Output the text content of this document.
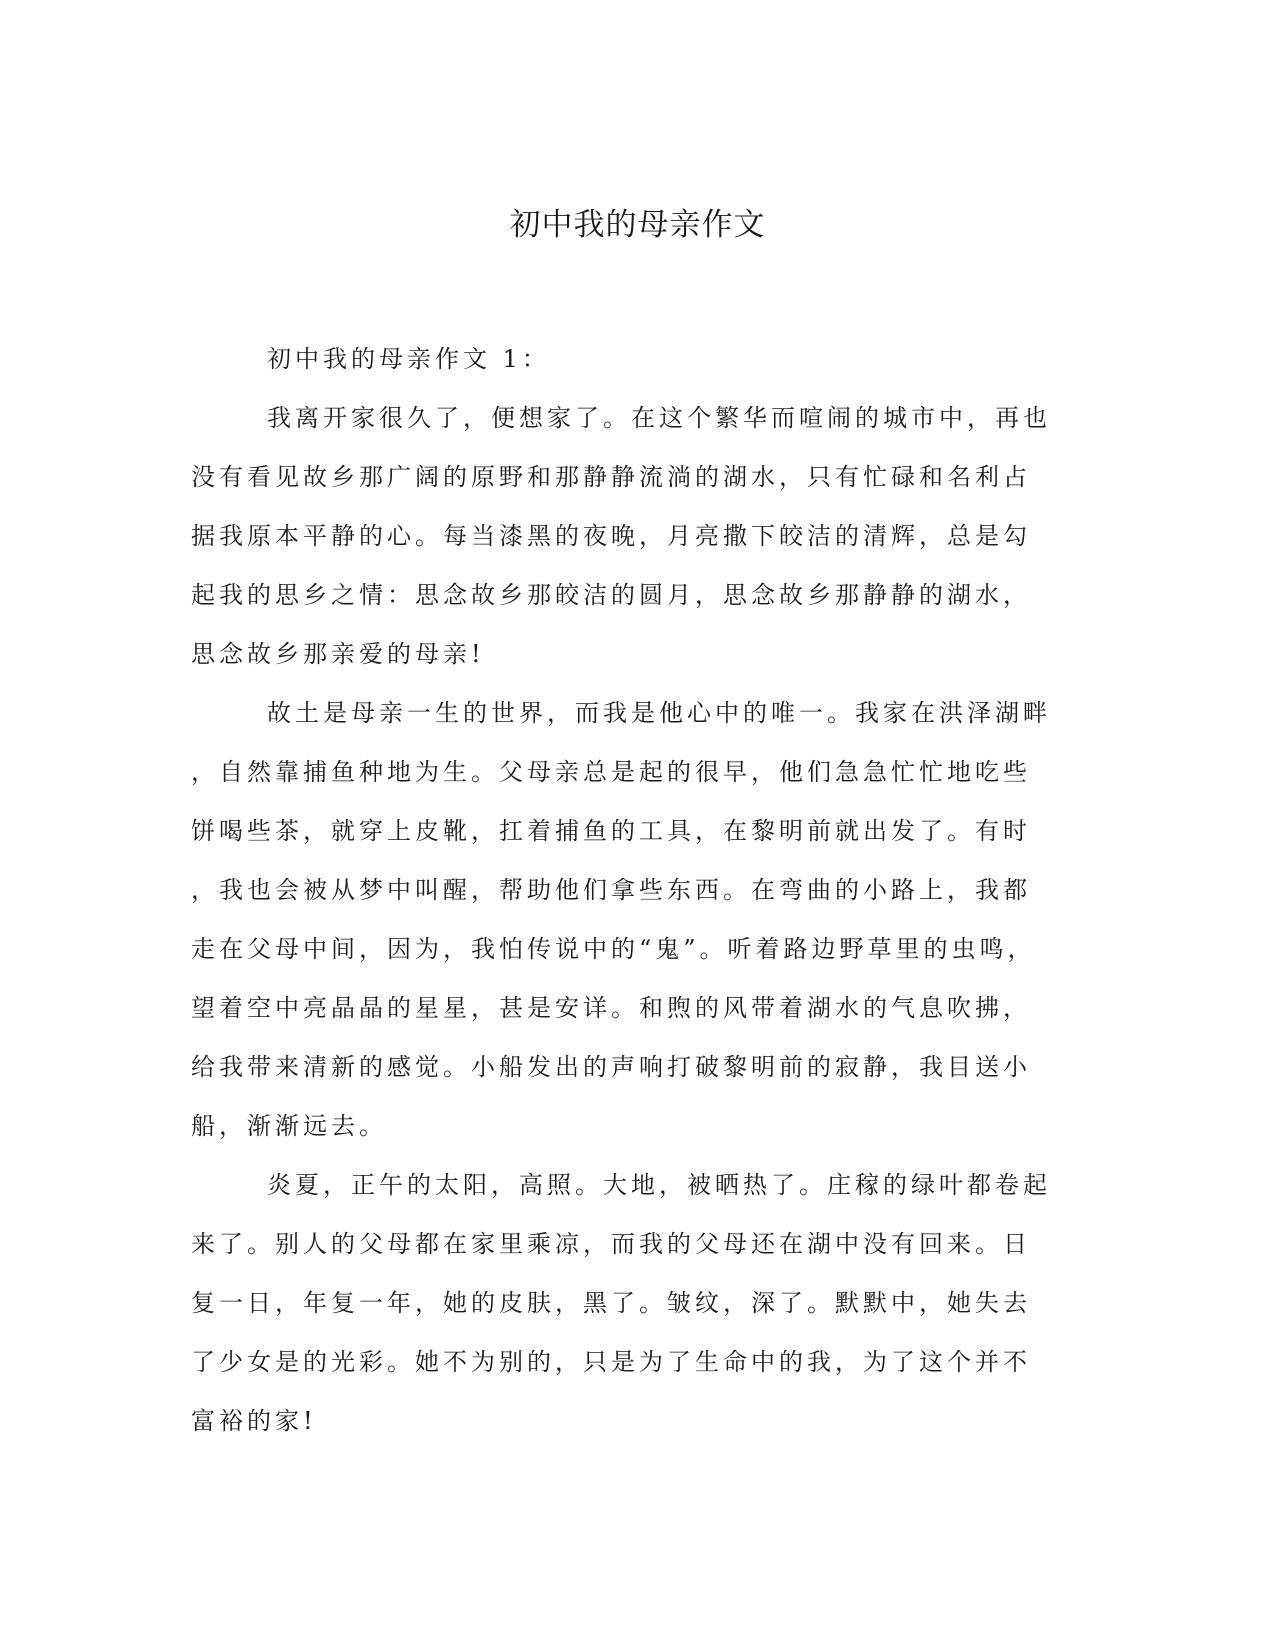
初中我的母亲作文

初中我的母亲作文 1：

我离开家很久了，便想家了。在这个繁华而喧闹的城市中，再也
没有看见故乡那广阔的原野和那静静流淌的湖水，只有忙碌和名利占
据我原本平静的心。每当漆黑的夜晚，月亮撒下皎洁的清辉，总是勾
起我的思乡之情：思念故乡那皎洁的圆月，思念故乡那静静的湖水，
思念故乡那亲爱的母亲!

故土是母亲一生的世界，而我是他心中的唯一。我家在洪泽湖畔
，自然靠捕鱼种地为生。父母亲总是起的很早，他们急急忙忙地吃些
饼喝些茶，就穿上皮靴，扛着捕鱼的工具，在黎明前就出发了。有时
，我也会被从梦中叫醒，帮助他们拿些东西。在弯曲的小路上，我都
走在父母中间，因为，我怕传说中的“鬼”。听着路边野草里的虫鸣，
望着空中亮晶晶的星星，甚是安详。和煦的风带着湖水的气息吹拂，
给我带来清新的感觉。小船发出的声响打破黎明前的寂静，我目送小
船，渐渐远去。

炎夏，正午的太阳，高照。大地，被晒热了。庄稼的绿叶都卷起
来了。别人的父母都在家里乘凉，而我的父母还在湖中没有回来。日
复一日，年复一年，她的皮肤，黑了。皱纹，深了。默默中，她失去
了少女是的光彩。她不为别的，只是为了生命中的我，为了这个并不
富裕的家!
